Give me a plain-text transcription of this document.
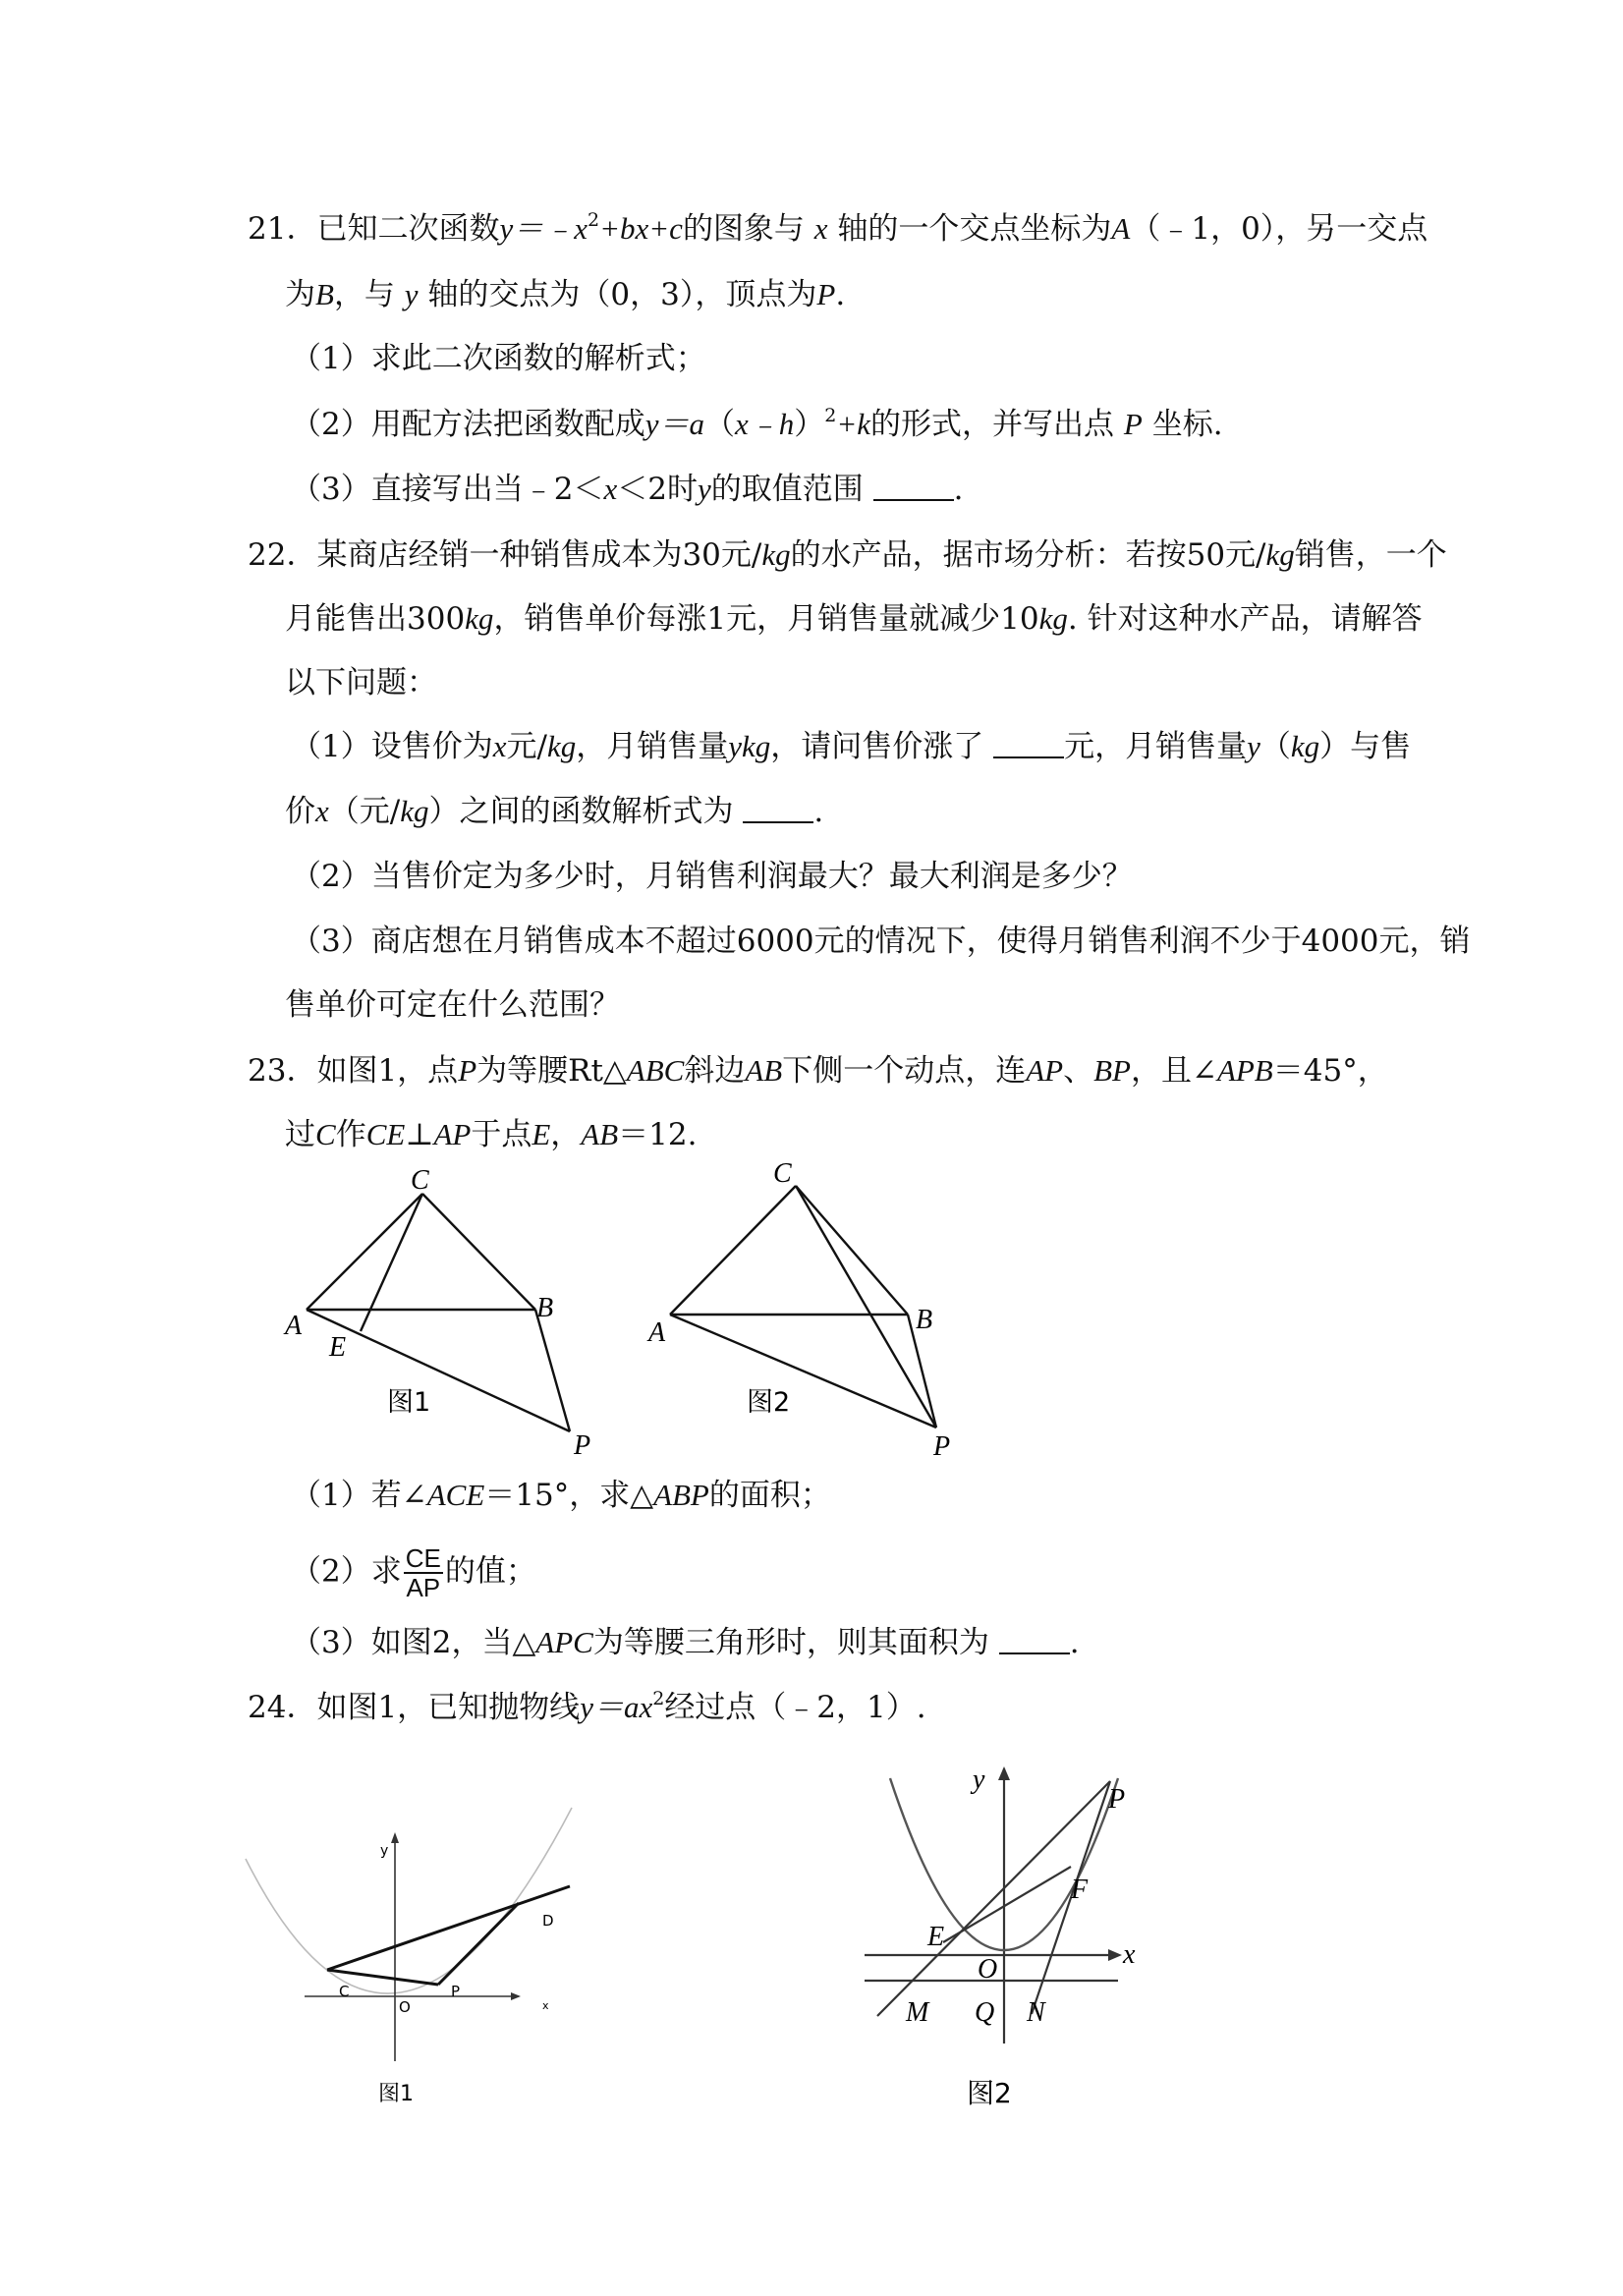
21．已知二次函数$y=﹣x^2+bx+c$的图象与 x 轴的一个交点坐标为A（﹣1，0），另一交点
为B，与 y 轴的交点为（0，3），顶点为P.
（1）求此二次函数的解析式；
（2）用配方法把函数配成y＝a（x﹣h）$^2$+k的形式，并写出点 P 坐标.
（3）直接写出当﹣2＜x＜2时y的取值范围	.
22．某商店经销一种销售成本为30元/kg的水产品，据市场分析：若按50元/kg销售，一个
月能售出300kg，销售单价每涨1元，月销售量就减少10kg. 针对这种水产品，请解答
以下问题：
（1）设售价为x元/kg，月销售量ykg，请问售价涨了	元，月销售量y（kg）与售
价x（元/kg）之间的函数解析式为	.
（2）当售价定为多少时，月销售利润最大？最大利润是多少？
（3）商店想在月销售成本不超过6000元的情况下，使得月销售利润不少于4000元，销
售单价可定在什么范围？
23．如图1，点P为等腰Rt△ABC斜边AB下侧一个动点，连AP、BP，且∠APB＝45°，
过C作CE⊥AP于点E，AB＝12.
C
A
B
E
P
图1
C
A	B
P
图2
（1）若∠ACE＝15°，求△ABP的面积；
（2）求 $\frac{CE}{AP}$ 的值；
（3）如图2，当△APC为等腰三角形时，则其面积为	.
24．如图1，已知抛物线$y=ax^2$经过点（﹣2，1）.
y
C
O
P
D
x
图1
y
P
F
E
O	x
M Q N
图2
